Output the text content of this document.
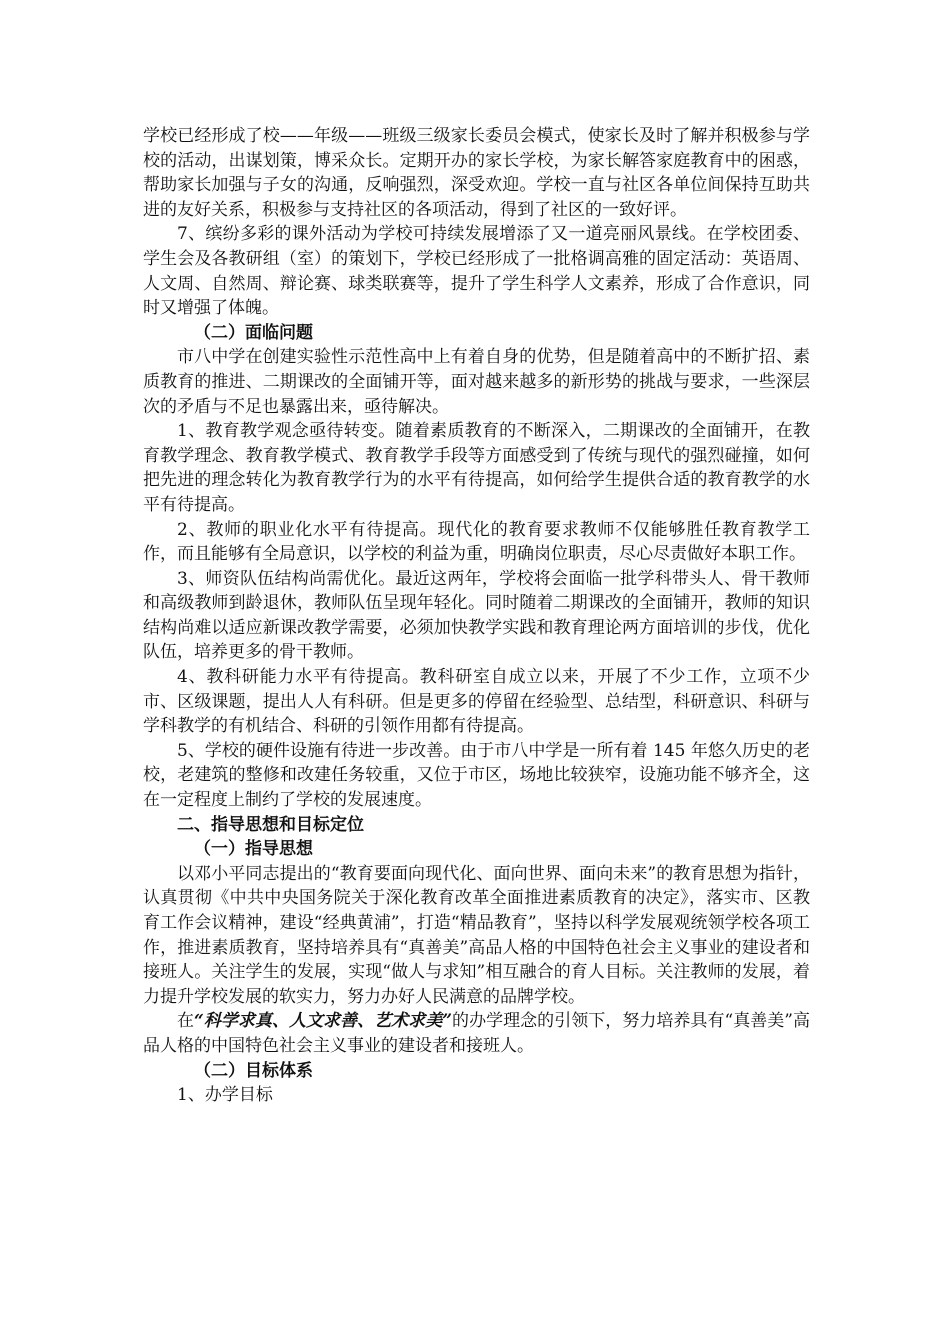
学校已经形成了校——年级——班级三级家长委员会模式，使家长及时了解并积极参与学校的活动，出谋划策，博采众长。定期开办的家长学校，为家长解答家庭教育中的困惑，帮助家长加强与子女的沟通，反响强烈，深受欢迎。学校一直与社区各单位间保持互助共进的友好关系，积极参与支持社区的各项活动，得到了社区的一致好评。

7、缤纷多彩的课外活动为学校可持续发展增添了又一道亮丽风景线。在学校团委、学生会及各教研组（室）的策划下，学校已经形成了一批格调高雅的固定活动：英语周、人文周、自然周、辩论赛、球类联赛等，提升了学生科学人文素养，形成了合作意识，同时又增强了体魄。

（二）面临问题

市八中学在创建实验性示范性高中上有着自身的优势，但是随着高中的不断扩招、素质教育的推进、二期课改的全面铺开等，面对越来越多的新形势的挑战与要求，一些深层次的矛盾与不足也暴露出来，亟待解决。

1、教育教学观念亟待转变。随着素质教育的不断深入，二期课改的全面铺开，在教育教学理念、教育教学模式、教育教学手段等方面感受到了传统与现代的强烈碰撞，如何把先进的理念转化为教育教学行为的水平有待提高，如何给学生提供合适的教育教学的水平有待提高。

2、教师的职业化水平有待提高。现代化的教育要求教师不仅能够胜任教育教学工作，而且能够有全局意识，以学校的利益为重，明确岗位职责，尽心尽责做好本职工作。

3、师资队伍结构尚需优化。最近这两年，学校将会面临一批学科带头人、骨干教师和高级教师到龄退休，教师队伍呈现年轻化。同时随着二期课改的全面铺开，教师的知识结构尚难以适应新课改教学需要，必须加快教学实践和教育理论两方面培训的步伐，优化队伍，培养更多的骨干教师。

4、教科研能力水平有待提高。教科研室自成立以来，开展了不少工作，立项不少市、区级课题，提出人人有科研。但是更多的停留在经验型、总结型，科研意识、科研与学科教学的有机结合、科研的引领作用都有待提高。

5、学校的硬件设施有待进一步改善。由于市八中学是一所有着 145 年悠久历史的老校，老建筑的整修和改建任务较重，又位于市区，场地比较狭窄，设施功能不够齐全，这在一定程度上制约了学校的发展速度。

二、指导思想和目标定位

（一）指导思想

以邓小平同志提出的“教育要面向现代化、面向世界、面向未来”的教育思想为指针，认真贯彻《中共中央国务院关于深化教育改革全面推进素质教育的决定》，落实市、区教育工作会议精神，建设“经典黄浦”，打造“精品教育”，坚持以科学发展观统领学校各项工作，推进素质教育，坚持培养具有“真善美”高品人格的中国特色社会主义事业的建设者和接班人。关注学生的发展，实现“做人与求知”相互融合的育人目标。关注教师的发展，着力提升学校发展的软实力，努力办好人民满意的品牌学校。

在“科学求真、人文求善、艺术求美”的办学理念的引领下，努力培养具有“真善美”高品人格的中国特色社会主义事业的建设者和接班人。

（二）目标体系

1、办学目标
